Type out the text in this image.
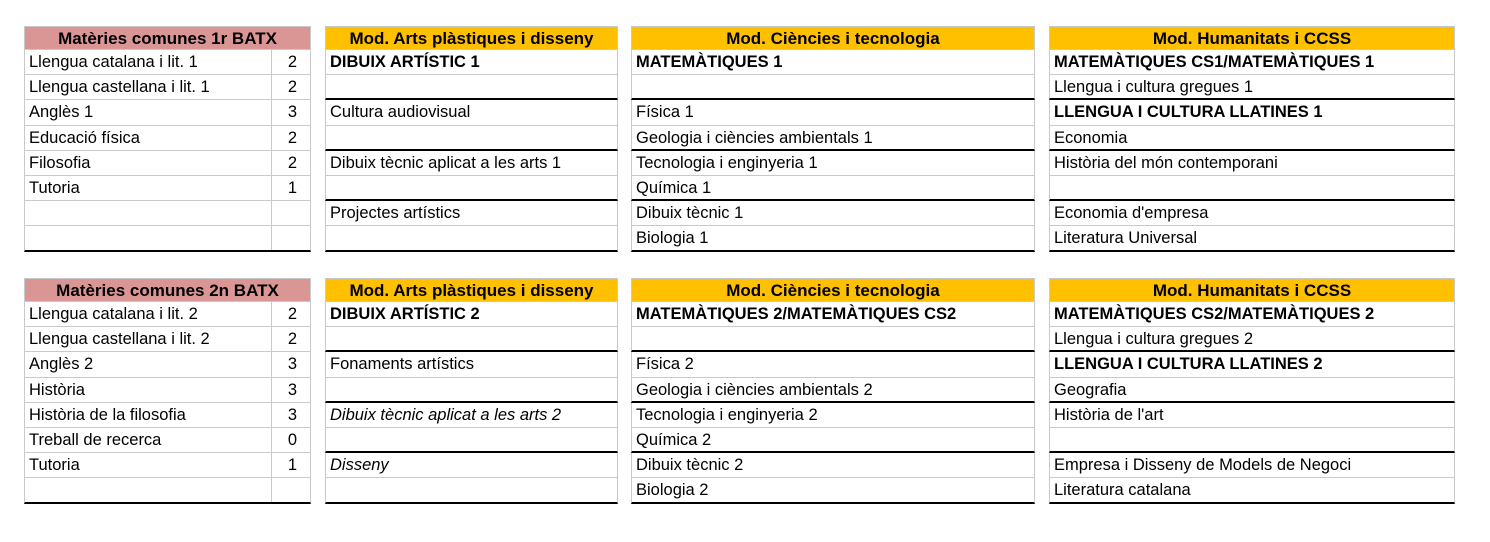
Matèries comunes 1r BATX
Llengua catalana i lit. 1	2
Llengua castellana i lit. 1	2
Anglès 1	3
Educació física	2
Filosofia	2
Tutoria	1
Mod. Arts plàstiques i disseny
DIBUIX ARTÍSTIC 1
Cultura audiovisual
Dibuix tècnic aplicat a les arts 1
Projectes artístics
Mod. Ciències i tecnologia
MATEMÀTIQUES 1
Física 1
Geologia i ciències ambientals 1
Tecnologia i enginyeria 1
Química 1
Dibuix tècnic 1
Biologia 1
Mod. Humanitats i CCSS
MATEMÀTIQUES CS1/MATEMÀTIQUES 1
Llengua i cultura gregues 1
LLENGUA I CULTURA LLATINES 1
Economia
Història del món contemporani
Economia d'empresa
Literatura Universal
Matèries comunes 2n BATX
Llengua catalana i lit. 2	2
Llengua castellana i lit. 2	2
Anglès 2	3
Història	3
Història de la filosofia	3
Treball de recerca	0
Tutoria	1
Mod. Arts plàstiques i disseny
DIBUIX ARTÍSTIC 2
Fonaments artístics
Dibuix tècnic aplicat a les arts 2
Disseny
Mod. Ciències i tecnologia
MATEMÀTIQUES 2/MATEMÀTIQUES CS2
Física 2
Geologia i ciències ambientals 2
Tecnologia i enginyeria 2
Química 2
Dibuix tècnic 2
Biologia 2
Mod. Humanitats i CCSS
MATEMÀTIQUES CS2/MATEMÀTIQUES 2
Llengua i cultura gregues 2
LLENGUA I CULTURA LLATINES 2
Geografia
Història de l'art
Empresa i Disseny de Models de Negoci
Literatura catalana
